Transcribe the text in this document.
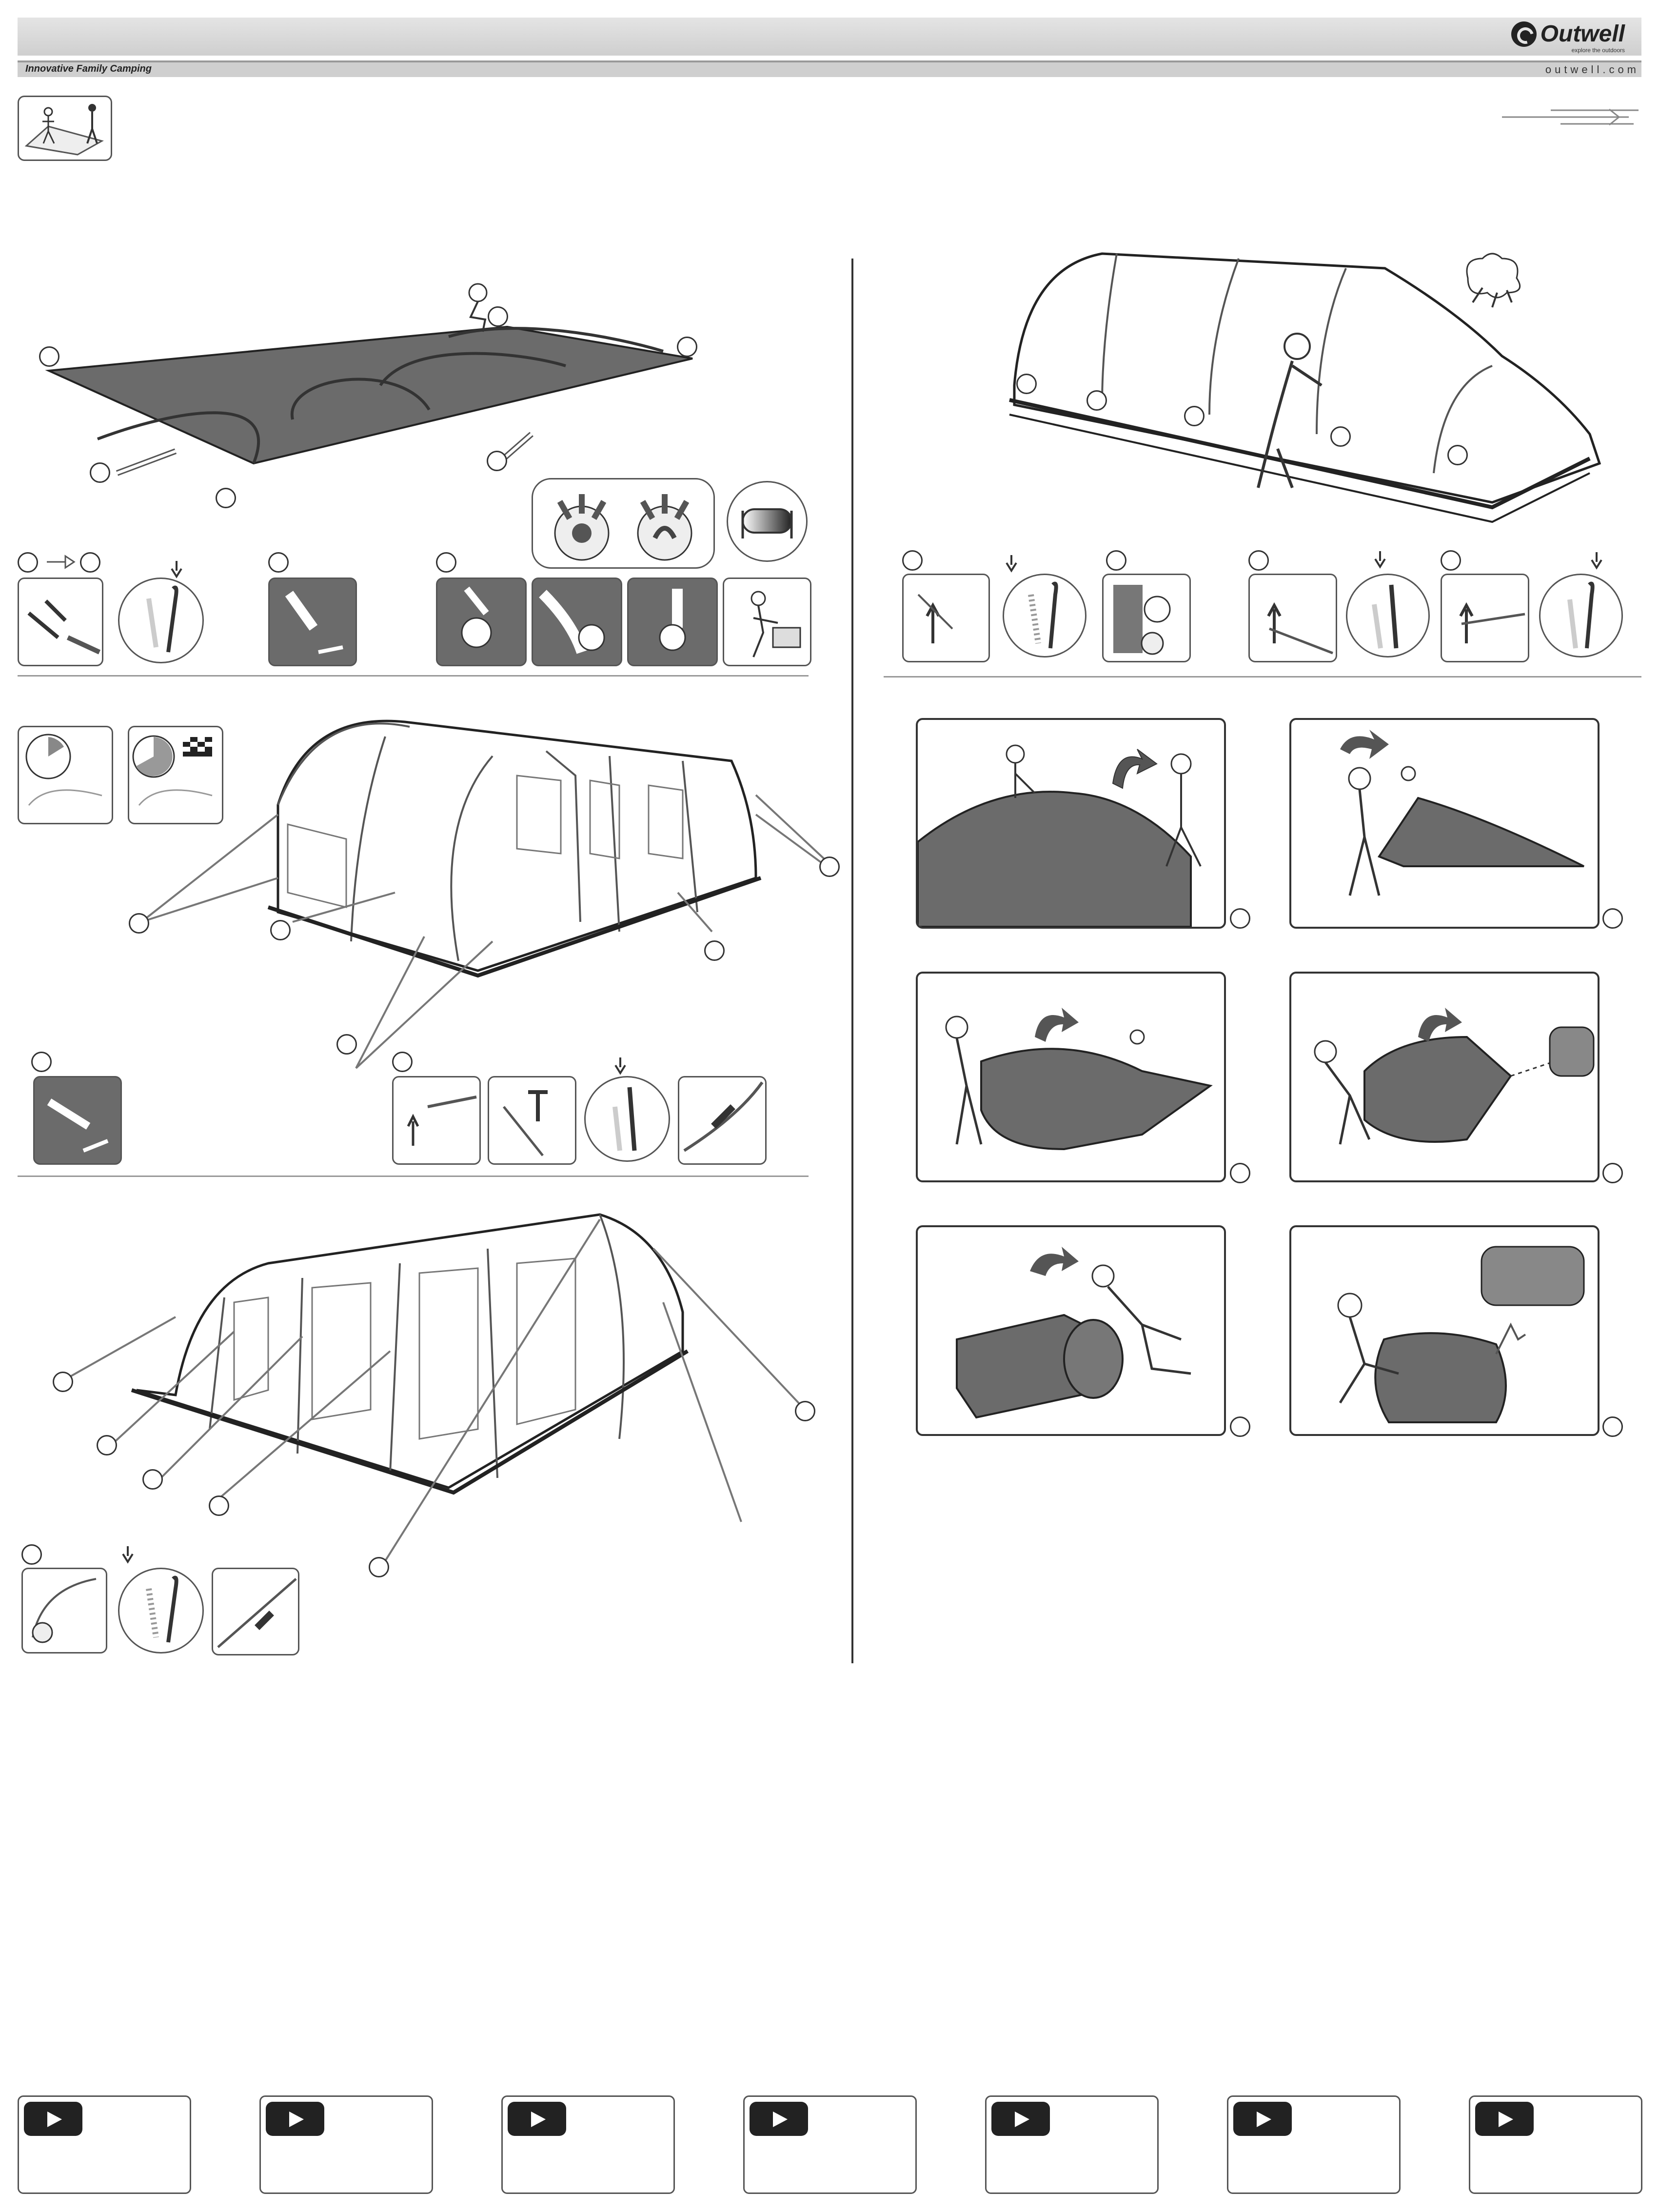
Innovative Family Camping	outwell.com
Outwell
explore the outdoors
